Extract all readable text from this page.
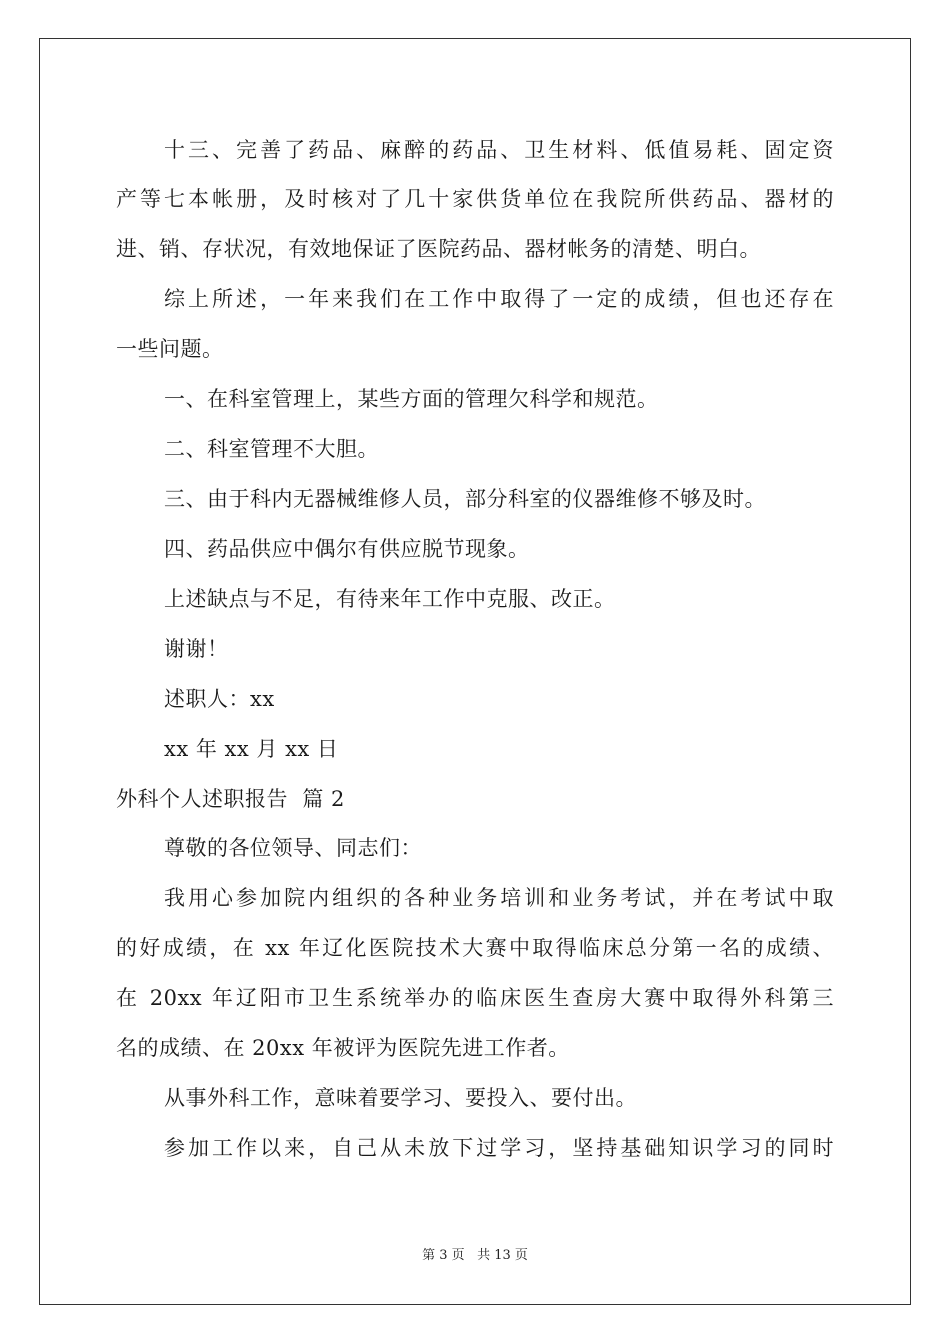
十三、完善了药品、麻醉的药品、卫生材料、低值易耗、固定资
产等七本帐册，及时核对了几十家供货单位在我院所供药品、器材的
进、销、存状况，有效地保证了医院药品、器材帐务的清楚、明白。
综上所述，一年来我们在工作中取得了一定的成绩，但也还存在
一些问题。
一、在科室管理上，某些方面的管理欠科学和规范。
二、科室管理不大胆。
三、由于科内无器械维修人员，部分科室的仪器维修不够及时。
四、药品供应中偶尔有供应脱节现象。
上述缺点与不足，有待来年工作中克服、改正。
谢谢！
述职人：xx
xx 年 xx 月 xx 日
外科个人述职报告  篇 2
尊敬的各位领导、同志们：
我用心参加院内组织的各种业务培训和业务考试，并在考试中取
的好成绩，在 xx 年辽化医院技术大赛中取得临床总分第一名的成绩、
在 20xx 年辽阳市卫生系统举办的临床医生查房大赛中取得外科第三
名的成绩、在 20xx 年被评为医院先进工作者。
从事外科工作，意味着要学习、要投入、要付出。
参加工作以来，自己从未放下过学习，坚持基础知识学习的同时
第 3 页 共 13 页
